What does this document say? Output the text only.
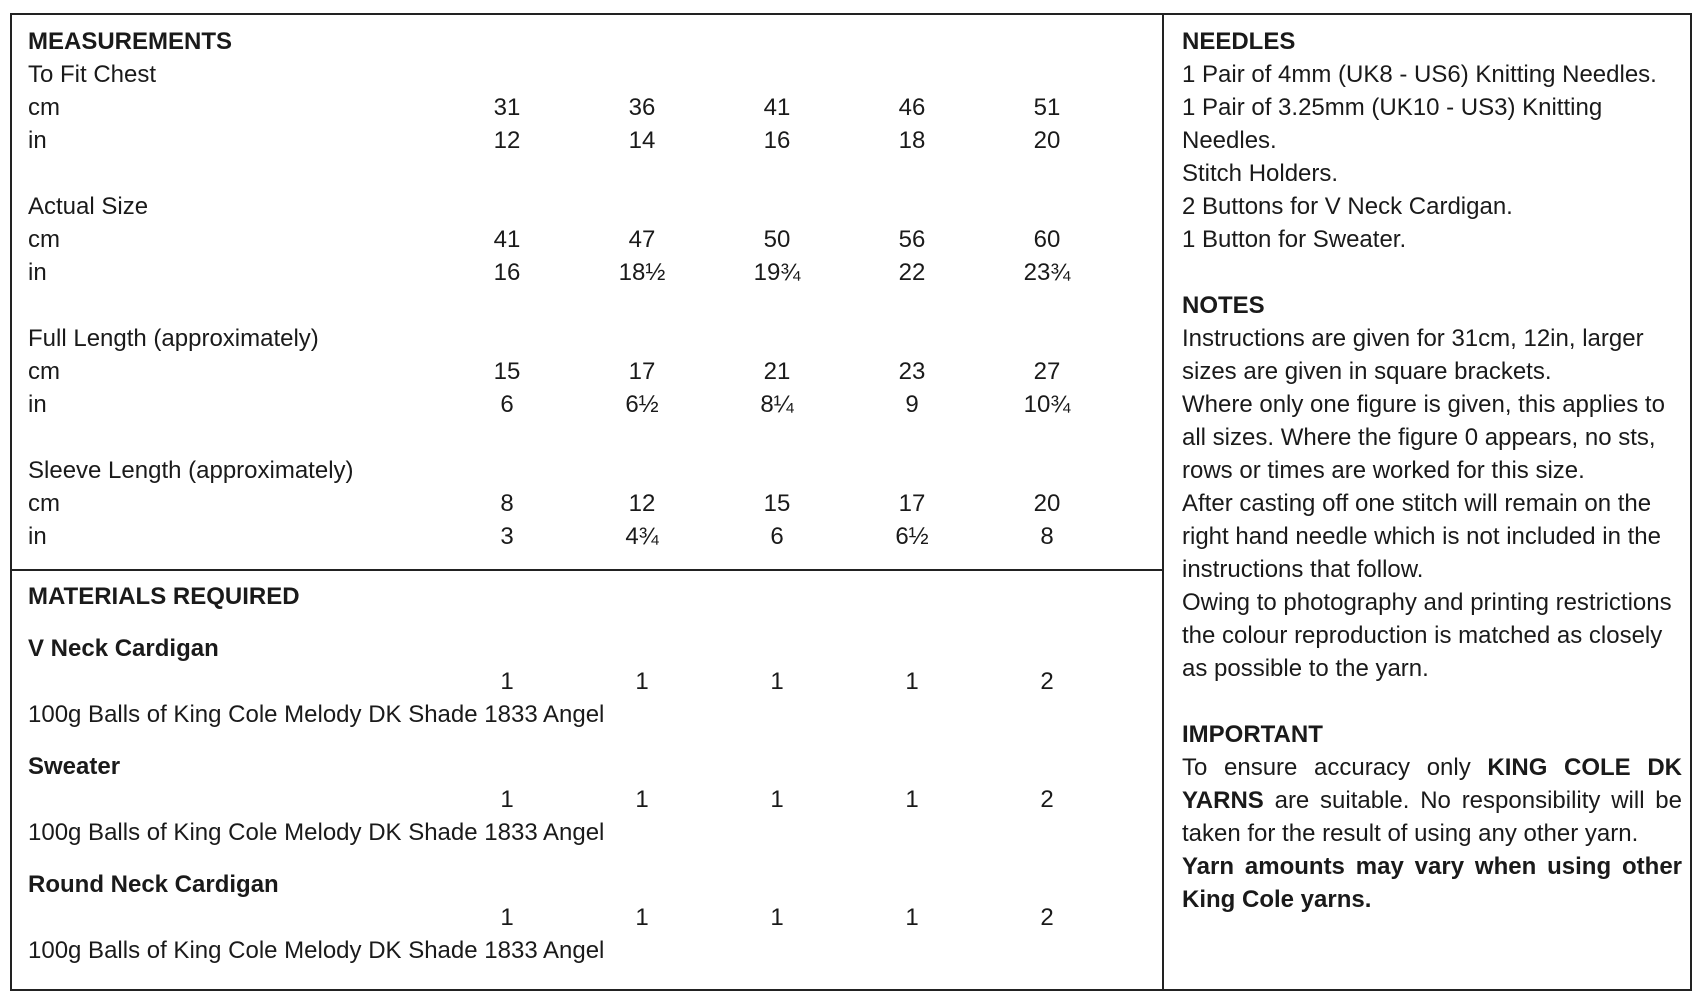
MEASUREMENTS
To Fit Chest
cm	31	36	41	46	51
in	12	14	16	18	20
Actual Size
cm	41	47	50	56	60
in	16	18½	19¾	22	23¾
Full Length (approximately)
cm	15	17	21	23	27
in	6	6½	8¼	9	10¾
Sleeve Length (approximately)
cm	8	12	15	17	20
in	3	4¾	6	6½	8
MATERIALS REQUIRED
V Neck Cardigan
1	1	1	1	2
100g Balls of King Cole Melody DK Shade 1833 Angel
Sweater
1	1	1	1	2
100g Balls of King Cole Melody DK Shade 1833 Angel
Round Neck Cardigan
1	1	1	1	2
100g Balls of King Cole Melody DK Shade 1833 Angel
NEEDLES

1 Pair of 4mm (UK8 - US6) Knitting Needles.

1 Pair of 3.25mm (UK10 - US3) Knitting Needles.

Stitch Holders.

2 Buttons for V Neck Cardigan.

1 Button for Sweater.

NOTES

Instructions are given for 31cm, 12in, larger sizes are given in square brackets.

Where only one figure is given, this applies to all sizes. Where the figure 0 appears, no sts, rows or times are worked for this size.

After casting off one stitch will remain on the right hand needle which is not included in the instructions that follow.

Owing to photography and printing restrictions the colour reproduction is matched as closely as possible to the yarn.

IMPORTANT

To ensure accuracy only KING COLE DK YARNS are suitable. No responsibility will be taken for the result of using any other yarn.

Yarn amounts may vary when using other King Cole yarns.
